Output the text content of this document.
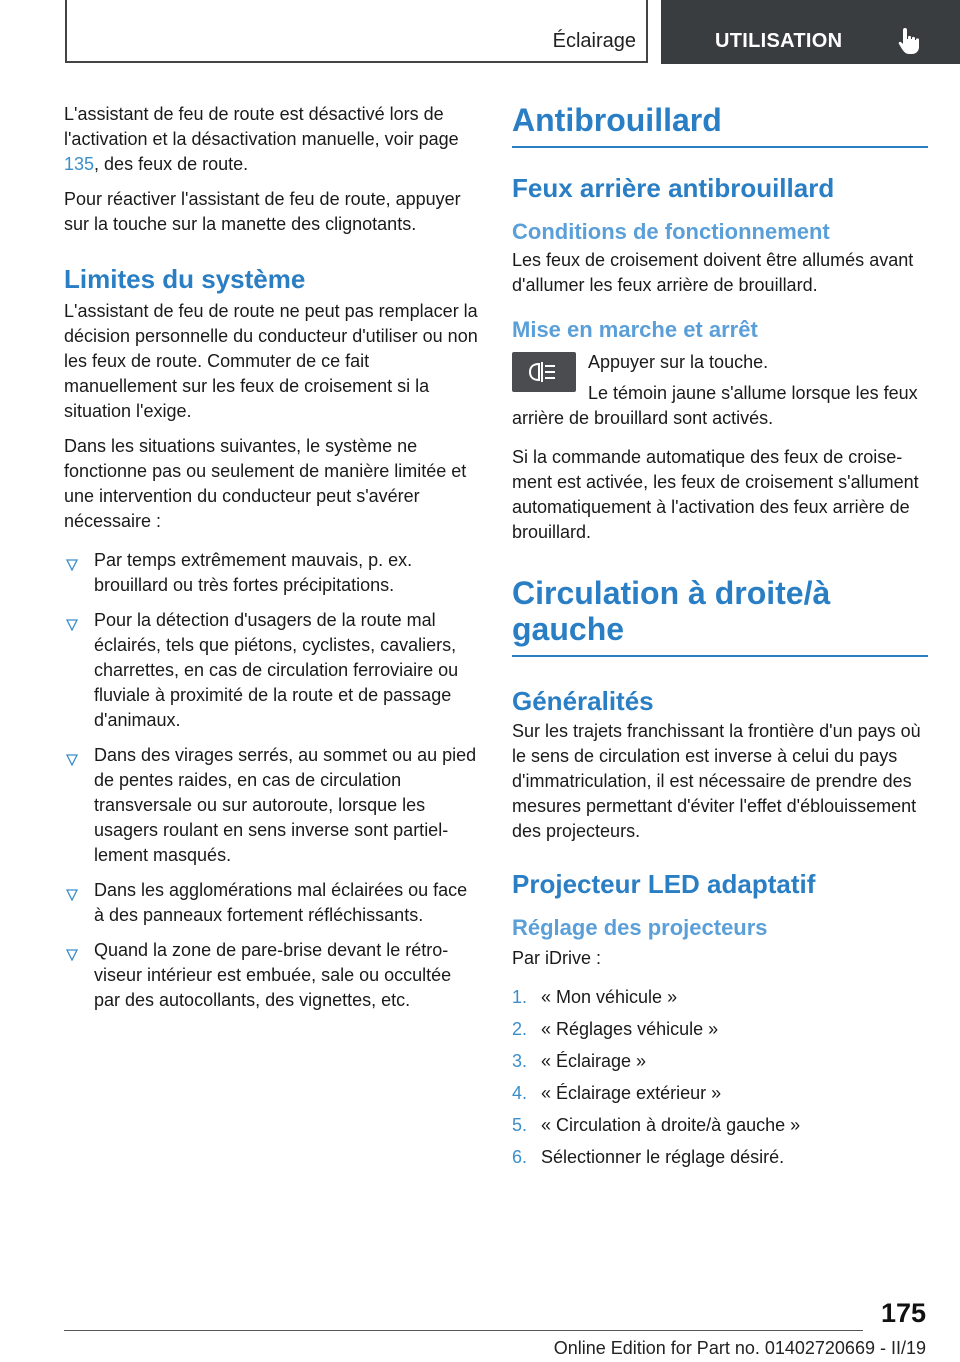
Éclairage	UTILISATION

L'assistant de feu de route est désactivé lors de l'activation et la désactivation manuelle, voir page 135, des feux de route.

Pour réactiver l'assistant de feu de route, appuyer sur la touche sur la manette des clignotants.

Limites du système

L'assistant de feu de route ne peut pas remplacer la décision personnelle du conducteur d'utiliser ou non les feux de route. Commuter de ce fait manuellement sur les feux de croisement si la situation l'exige.

Dans les situations suivantes, le système ne fonctionne pas ou seulement de manière limitée et une intervention du conducteur peut s'avérer nécessaire :

Par temps extrêmement mauvais, p. ex. brouillard ou très fortes précipitations.
Pour la détection d'usagers de la route mal éclairés, tels que piétons, cyclistes, cavaliers, charrettes, en cas de circulation ferroviaire ou fluviale à proximité de la route et de passage d'animaux.
Dans des virages serrés, au sommet ou au pied de pentes raides, en cas de circulation transversale ou sur autoroute, lorsque les usagers roulant en sens inverse sont partiellement masqués.
Dans les agglomérations mal éclairées ou face à des panneaux fortement réfléchissants.
Quand la zone de pare-brise devant le rétroviseur intérieur est embuée, sale ou occultée par des autocollants, des vignettes, etc.
Antibrouillard
Feux arrière antibrouillard
Conditions de fonctionnement

Les feux de croisement doivent être allumés avant d'allumer les feux arrière de brouillard.

Mise en marche et arrêt

Appuyer sur la touche.

Le témoin jaune s'allume lorsque les feux arrière de brouillard sont activés.

Si la commande automatique des feux de croisement est activée, les feux de croisement s'allument automatiquement à l'activation des feux arrière de brouillard.

Circulation à droite/à gauche
Généralités

Sur les trajets franchissant la frontière d'un pays où le sens de circulation est inverse à celui du pays d'immatriculation, il est nécessaire de prendre des mesures permettant d'éviter l'effet d'éblouissement des projecteurs.

Projecteur LED adaptatif
Réglage des projecteurs

Par iDrive :

1. « Mon véhicule »
2. « Réglages véhicule »
3. « Éclairage »
4. « Éclairage extérieur »
5. « Circulation à droite/à gauche »
6. Sélectionner le réglage désiré.
175
Online Edition for Part no. 01402720669 - II/19
